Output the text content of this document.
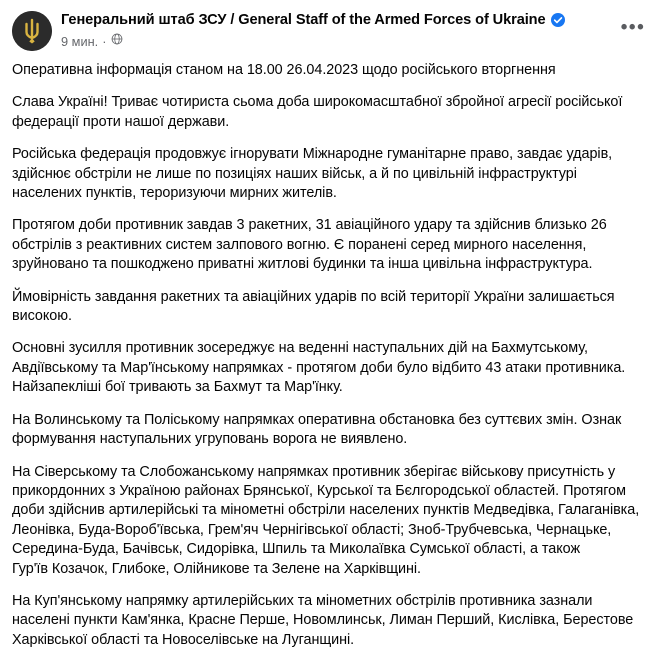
Генеральний штаб ЗСУ / General Staff of the Armed Forces of Ukraine
9 мин. ·
•••

Оперативна інформація станом на 18.00 26.04.2023 щодо російського вторгнення

Слава Україні! Триває чотириста сьома доба широкомасштабної збройної агресії російської федерації проти нашої держави.

Російська федерація продовжує ігнорувати Міжнародне гуманітарне право, завдає ударів, здійснює обстріли не лише по позиціях наших військ, а й по цивільній інфраструктурі населених пунктів, тероризуючи мирних жителів.

Протягом доби противник завдав 3 ракетних, 31 авіаційного удару та здійснив близько 26 обстрілів з реактивних систем залпового вогню. Є поранені серед мирного населення, зруйновано та пошкоджено приватні житлові будинки та інша цивільна інфраструктура.

Ймовірність завдання ракетних та авіаційних ударів по всій території України залишається високою.

Основні зусилля противник зосереджує на веденні наступальних дій на Бахмутському, Авдіївському та Мар'їнському напрямках - протягом доби було відбито 43 атаки противника. Найзапекліші бої тривають за Бахмут та Мар'їнку.

На Волинському та Поліському напрямках оперативна обстановка без суттєвих змін. Ознак формування наступальних угруповань ворога не виявлено.

На Сіверському та Слобожанському напрямках противник зберігає військову присутність у прикордонних з Україною районах Брянської, Курської та Бєлгородської областей. Протягом доби здійснив артилерійські та мінометні обстріли населених пунктів Медведівка, Галаганівка, Леонівка, Буда-Вороб'ївська, Грем'яч Чернігівської області; Зноб-Трубчевська, Чернацьке, Середина-Буда, Бачівськ, Сидорівка, Шпиль та Миколаївка Сумської області, а також

Гур'їв Козачок, Глибоке, Олійникове та Зелене на Харківщині.

На Куп'янському напрямку артилерійських та мінометних обстрілів противника зазнали населені пункти Кам'янка, Красне Перше, Новомлинськ, Лиман Перший, Кислівка, Берестове Харківської області та Новоселівське на Луганщині.
